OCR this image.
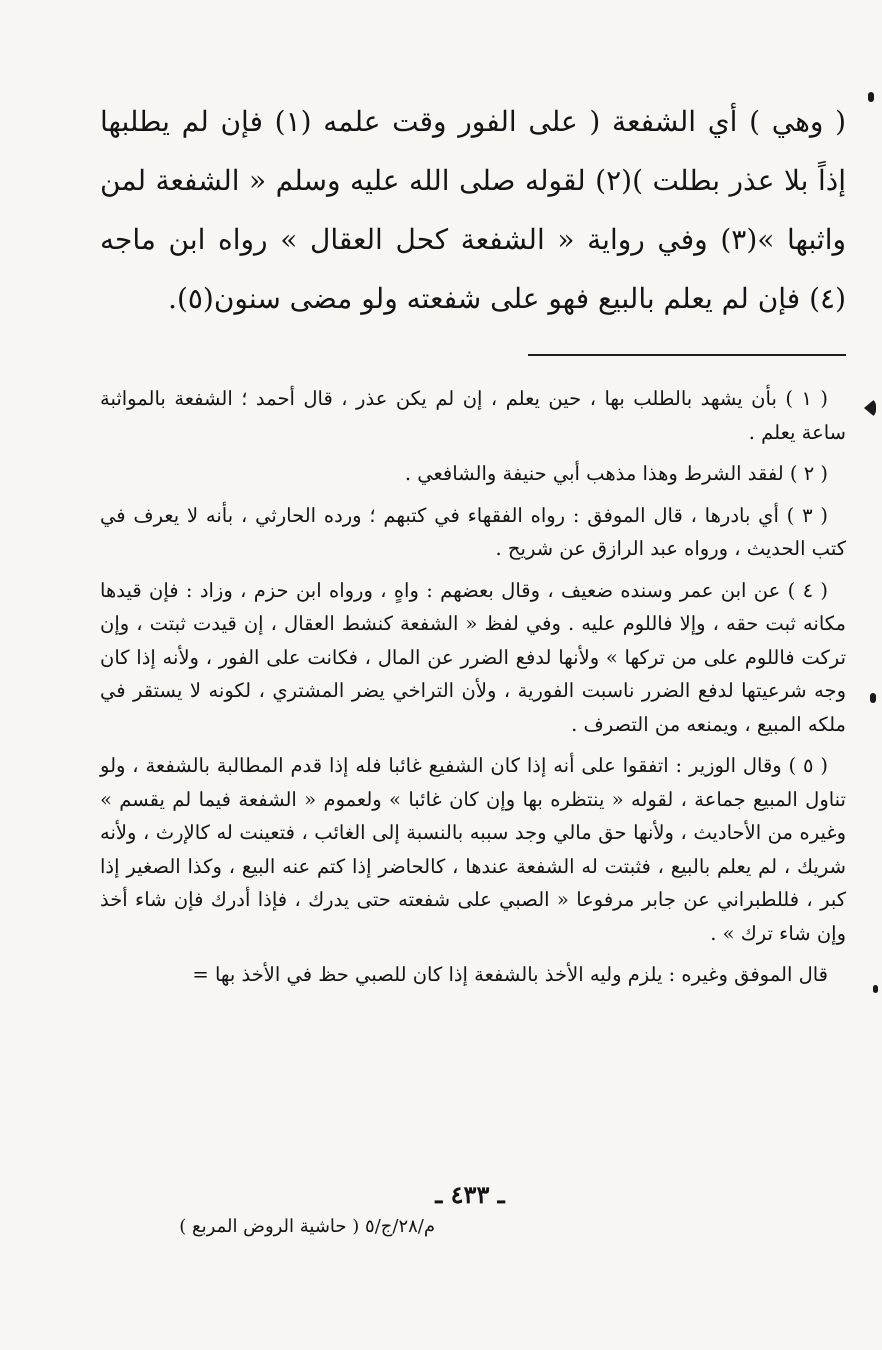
( وهي ) أي الشفعة ( على الفور وقت علمه (١) فإن لم يطلبها إذاً بلا عذر بطلت )(٢) لقوله صلى الله عليه وسلم « الشفعة لمن واثبها »(٣) وفي رواية « الشفعة كحل العقال » رواه ابن ماجه (٤) فإن لم يعلم بالبيع فهو على شفعته ولو مضى سنون(٥).

( ١ ) بأن يشهد بالطلب بها ، حين يعلم ، إن لم يكن عذر ، قال أحمد ؛ الشفعة بالمواثبة ساعة يعلم .

( ٢ ) لفقد الشرط وهذا مذهب أبي حنيفة والشافعي .

( ٣ ) أي بادرها ، قال الموفق : رواه الفقهاء في كتبهم ؛ ورده الحارثي ، بأنه لا يعرف في كتب الحديث ، ورواه عبد الرازق عن شريح .

( ٤ ) عن ابن عمر وسنده ضعيف ، وقال بعضهم : واهٍ ، ورواه ابن حزم ، وزاد : فإن قيدها مكانه ثبت حقه ، وإلا فاللوم عليه . وفي لفظ « الشفعة كنشط العقال ، إن قيدت ثبتت ، وإن تركت فاللوم على من تركها » ولأنها لدفع الضرر عن المال ، فكانت على الفور ، ولأنه إذا كان وجه شرعيتها لدفع الضرر ناسبت الفورية ، ولأن التراخي يضر المشتري ، لكونه لا يستقر في ملكه المبيع ، ويمنعه من التصرف .

( ٥ ) وقال الوزير : اتفقوا على أنه إذا كان الشفيع غائبا فله إذا قدم المطالبة بالشفعة ، ولو تناول المبيع جماعة ، لقوله « ينتظره بها وإن كان غائبا » ولعموم « الشفعة فيما لم يقسم » وغيره من الأحاديث ، ولأنها حق مالي وجد سببه بالنسبة إلى الغائب ، فتعينت له كالإرث ، ولأنه شريك ، لم يعلم بالبيع ، فثبتت له الشفعة عندها ، كالحاضر إذا كتم عنه البيع ، وكذا الصغير إذا كبر ، فللطبراني عن جابر مرفوعا « الصبي على شفعته حتى يدرك ، فإذا أدرك فإن شاء أخذ وإن شاء ترك » .

قال الموفق وغيره : يلزم وليه الأخذ بالشفعة إذا كان للصبي حظ في الأخذ بها =

ـ ٤٣٣ ـ
م/٢٨/ج/٥ ( حاشية الروض المربع )
